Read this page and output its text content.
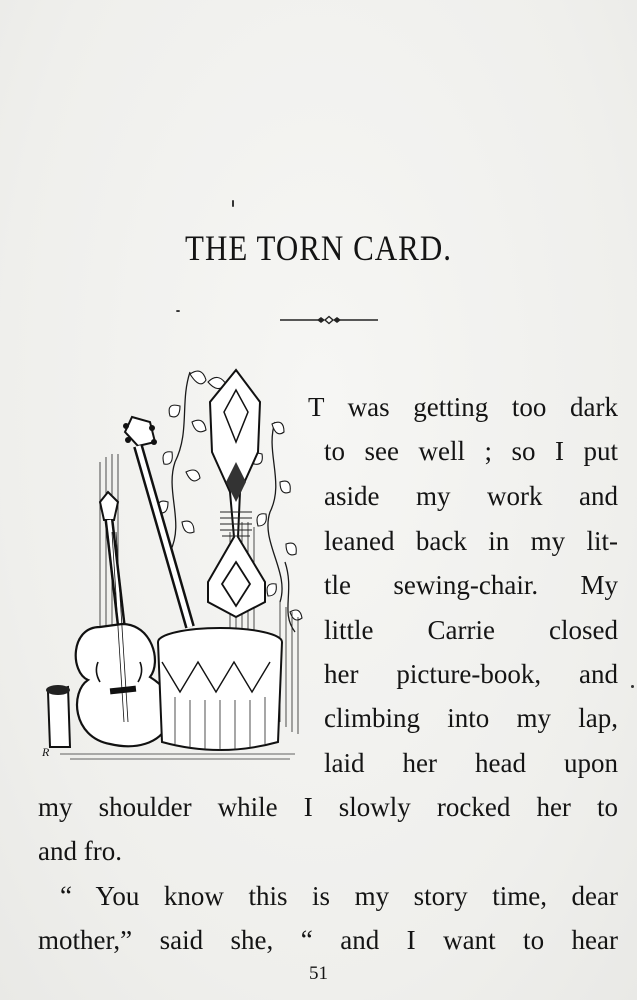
THE TORN CARD.
R
T was getting too dark
to see well ; so I put
aside my work and
leaned back in my lit-
tle sewing-chair. My
little Carrie closed
her picture-book, and
climbing into my lap,
laid her head upon
my shoulder while I slowly rocked her to
and fro.
“ You know this is my story time, dear
mother,” said she, “ and I want to hear
51
